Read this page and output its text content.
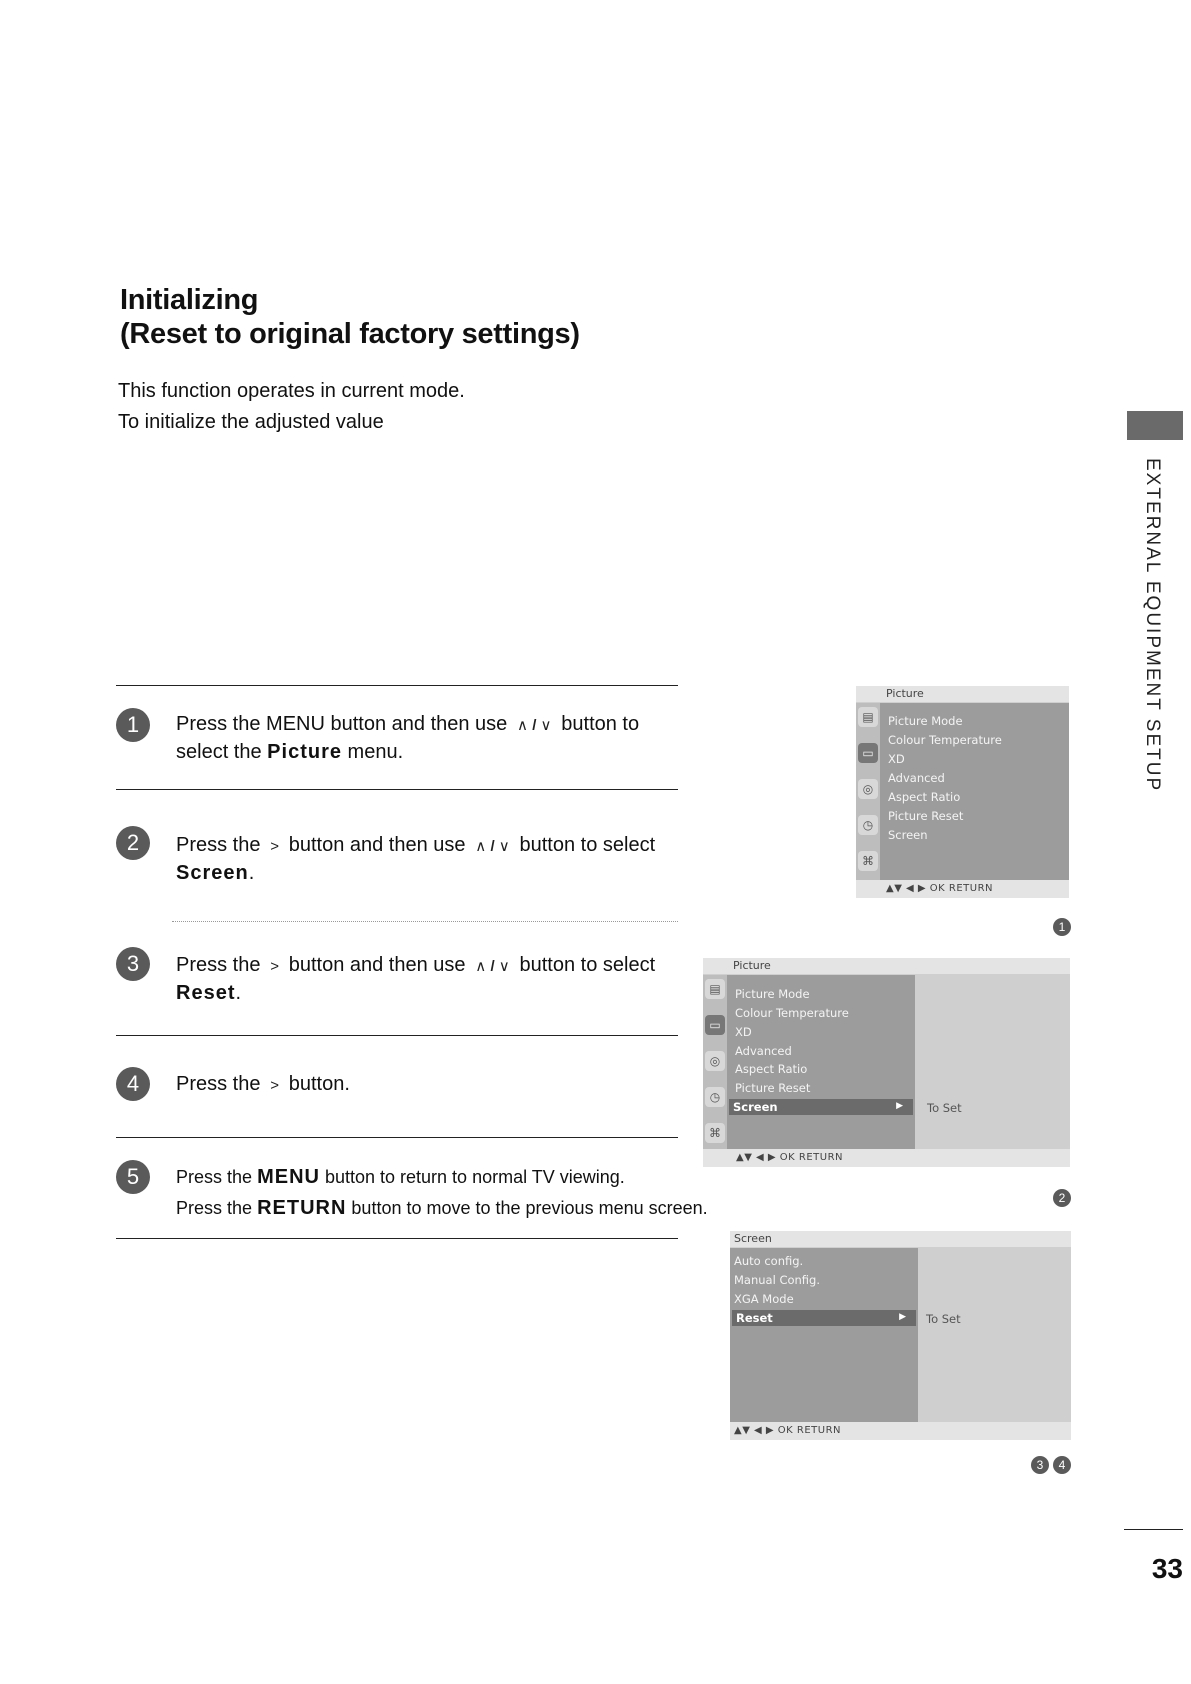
Initializing
(Reset to original factory settings)
This function operates in current mode.
To initialize the adjusted value
EXTERNAL EQUIPMENT SETUP
1	Press the MENU button and then use  ∧ / ∨  button to
select the Picture menu.
2	Press the  >  button and then use  ∧ / ∨  button to select
Screen.
3	Press the  >  button and then use  ∧ / ∨  button to select
Reset.
4	Press the  >  button.
5	Press the MENU button to return to normal TV viewing.
Press the RETURN button to move to the previous menu screen.
Picture
▤
▭
◎
◷
⌘
Picture Mode
Colour Temperature
XD
Advanced
Aspect Ratio
Picture Reset
Screen
▲▼ ◀ ▶ OK RETURN
1
Picture
▤
▭
◎
◷
⌘
Picture Mode
Colour Temperature
XD
Advanced
Aspect Ratio
Picture Reset
Screen	▶ To Set
▲▼ ◀ ▶ OK RETURN
2
Screen
Auto config.
Manual Config.
XGA Mode
Reset	▶ To Set
▲▼ ◀ ▶ OK RETURN
3	4
33
